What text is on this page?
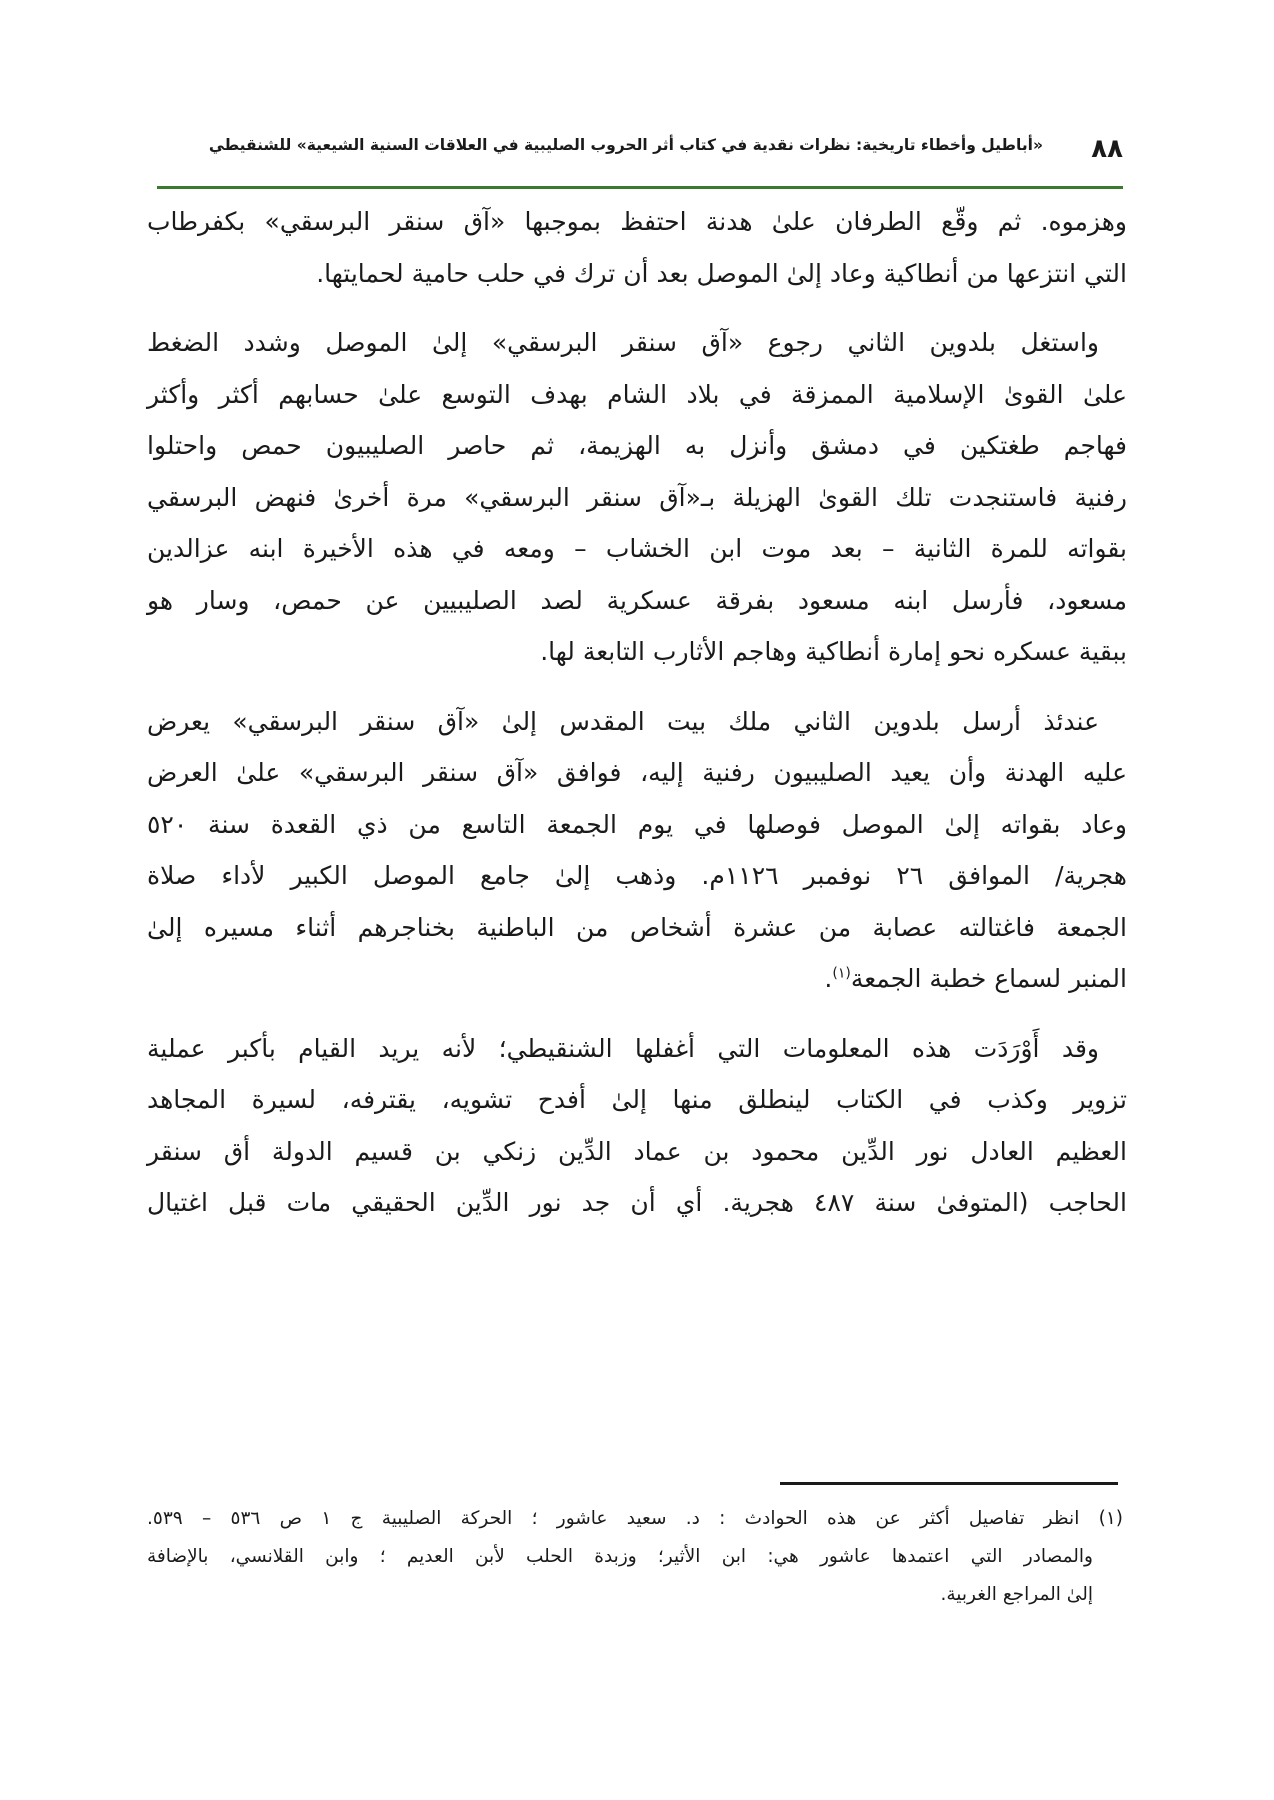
٨٨
«أباطيل وأخطاء تاريخية: نظرات نقدية في كتاب أثر الحروب الصليبية في العلاقات السنية الشيعية» للشنقيطي

وهزموه. ثم وقّع الطرفان علىٰ هدنة احتفظ بموجبها «آق سنقر البرسقي» بكفرطاب
التي انتزعها من أنطاكية وعاد إلىٰ الموصل بعد أن ترك في حلب حامية لحمايتها.

واستغل بلدوين الثاني رجوع «آق سنقر البرسقي» إلىٰ الموصل وشدد الضغط
علىٰ القوىٰ الإسلامية الممزقة في بلاد الشام بهدف التوسع علىٰ حسابهم أكثر وأكثر
فهاجم طغتكين في دمشق وأنزل به الهزيمة، ثم حاصر الصليبيون حمص واحتلوا
رفنية فاستنجدت تلك القوىٰ الهزيلة بـ«آق سنقر البرسقي» مرة أخرىٰ فنهض البرسقي
بقواته للمرة الثانية – بعد موت ابن الخشاب – ومعه في هذه الأخيرة ابنه عزالدين
مسعود، فأرسل ابنه مسعود بفرقة عسكرية لصد الصليبيين عن حمص، وسار هو
ببقية عسكره نحو إمارة أنطاكية وهاجم الأثارب التابعة لها.

عندئذ أرسل بلدوين الثاني ملك بيت المقدس إلىٰ «آق سنقر البرسقي» يعرض
عليه الهدنة وأن يعيد الصليبيون رفنية إليه، فوافق «آق سنقر البرسقي» علىٰ العرض
وعاد بقواته إلىٰ الموصل فوصلها في يوم الجمعة التاسع من ذي القعدة سنة ٥٢٠
هجرية/ الموافق ٢٦ نوفمبر ١١٢٦م. وذهب إلىٰ جامع الموصل الكبير لأداء صلاة
الجمعة فاغتالته عصابة من عشرة أشخاص من الباطنية بخناجرهم أثناء مسيره إلىٰ
المنبر لسماع خطبة الجمعة$^{(١)}$.

وقد أَوْرَدَت هذه المعلومات التي أغفلها الشنقيطي؛ لأنه يريد القيام بأكبر عملية
تزوير وكذب في الكتاب لينطلق منها إلىٰ أفدح تشويه، يقترفه، لسيرة المجاهد
العظيم العادل نور الدِّين محمود بن عماد الدِّين زنكي بن قسيم الدولة أق سنقر
الحاجب (المتوفىٰ سنة ٤٨٧ هجرية. أي أن جد نور الدِّين الحقيقي مات قبل اغتيال

(١) انظر تفاصيل أكثر عن هذه الحوادث : د. سعيد عاشور ؛ الحركة الصليبية ج ١ ص ٥٣٦ – ٥٣٩.
والمصادر التي اعتمدها عاشور هي: ابن الأثير؛ وزبدة الحلب لأبن العديم ؛ وابن القلانسي، بالإضافة
إلىٰ المراجع الغربية.
